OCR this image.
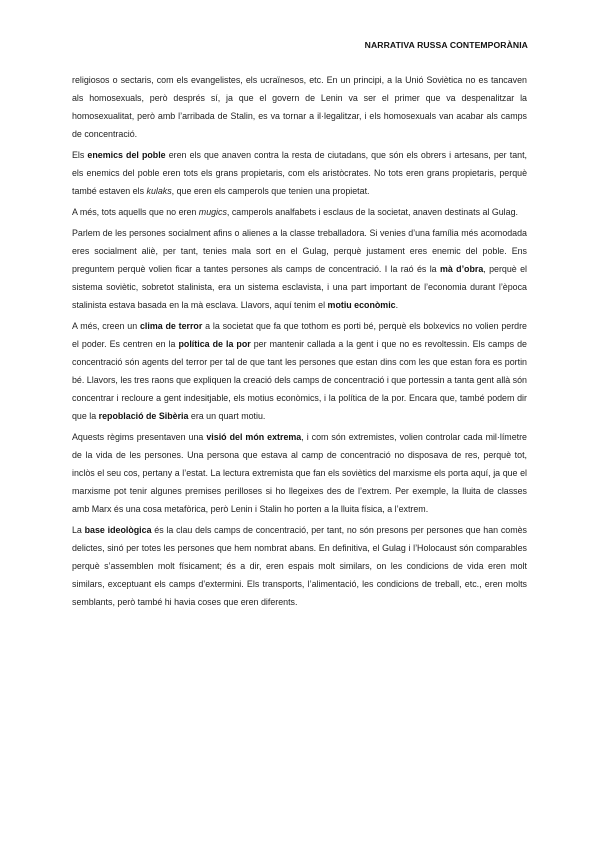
NARRATIVA RUSSA CONTEMPORÀNIA

religiosos o sectaris, com els evangelistes, els ucraïnesos, etc. En un principi, a la Unió Soviètica no es tancaven als homosexuals, però després sí, ja que el govern de Lenin va ser el primer que va despenalitzar la homosexualitat, però amb l’arribada de Stalin, es va tornar a il·legalitzar, i els homosexuals van acabar als camps de concentració.

Els enemics del poble eren els que anaven contra la resta de ciutadans, que són els obrers i artesans, per tant, els enemics del poble eren tots els grans propietaris, com els aristòcrates. No tots eren grans propietaris, perquè també estaven els kulaks, que eren els camperols que tenien una propietat.

A més, tots aquells que no eren mugics, camperols analfabets i esclaus de la societat, anaven destinats al Gulag.

Parlem de les persones socialment afins o alienes a la classe treballadora. Si venies d’una família més acomodada eres socialment aliè, per tant, tenies mala sort en el Gulag, perquè justament eres enemic del poble. Ens preguntem perquè volien ficar a tantes persones als camps de concentració. I la raó és la mà d’obra, perquè el sistema soviètic, sobretot stalinista, era un sistema esclavista, i una part important de l’economia durant l’època stalinista estava basada en la mà esclava. Llavors, aquí tenim el motiu econòmic.

A més, creen un clima de terror a la societat que fa que tothom es porti bé, perquè els bolxevics no volien perdre el poder. Es centren en la política de la por per mantenir callada a la gent i que no es revoltessin. Els camps de concentració són agents del terror per tal de que tant les persones que estan dins com les que estan fora es portin bé. Llavors, les tres raons que expliquen la creació dels camps de concentració i que portessin a tanta gent allà són concentrar i recloure a gent indesitjable, els motius econòmics, i la política de la por. Encara que, també podem dir que la repoblació de Sibèria era un quart motiu.

Aquests règims presentaven una visió del món extrema, i com són extremistes, volien controlar cada mil·límetre de la vida de les persones. Una persona que estava al camp de concentració no disposava de res, perquè tot, inclòs el seu cos, pertany a l’estat. La lectura extremista que fan els soviètics del marxisme els porta aquí, ja que el marxisme pot tenir algunes premises perilloses si ho llegeixes des de l’extrem. Per exemple, la lluita de classes amb Marx és una cosa metafòrica, però Lenin i Stalin ho porten a la lluita física, a l’extrem.

La base ideològica és la clau dels camps de concentració, per tant, no són presons per persones que han comès delictes, sinó per totes les persones que hem nombrat abans. En definitiva, el Gulag i l’Holocaust són comparables perquè s’assemblen molt físicament; és a dir, eren espais molt similars, on les condicions de vida eren molt similars, exceptuant els camps d’extermini. Els transports, l’alimentació, les condicions de treball, etc., eren molts semblants, però també hi havia coses que eren diferents.
